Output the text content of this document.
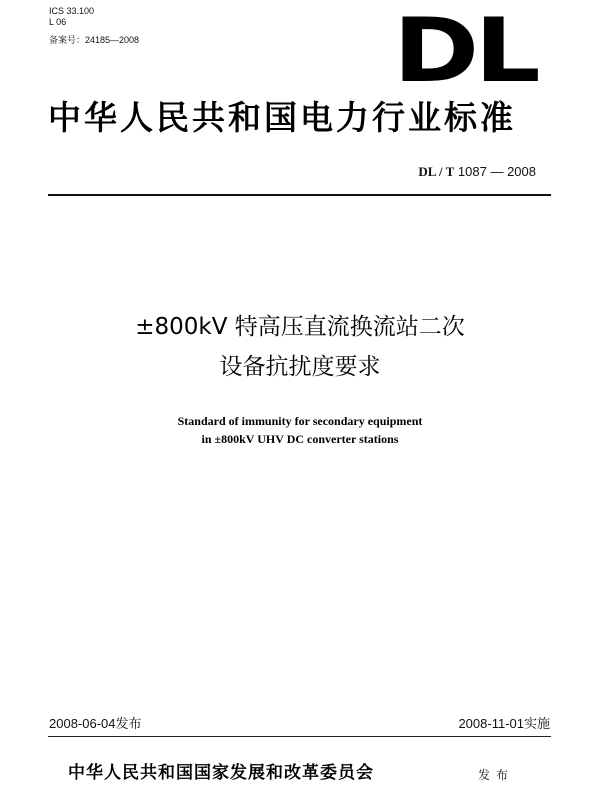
ICS 33.100
L 06
备案号：24185—2008	DL
中华人民共和国电力行业标准
DL / T 1087 — 2008
±800kV 特高压直流换流站二次
设备抗扰度要求
Standard of immunity for secondary equipment
in ±800kV UHV DC converter stations
2008-06-04发布	2008-11-01实施
中华人民共和国国家发展和改革委员会	发布
